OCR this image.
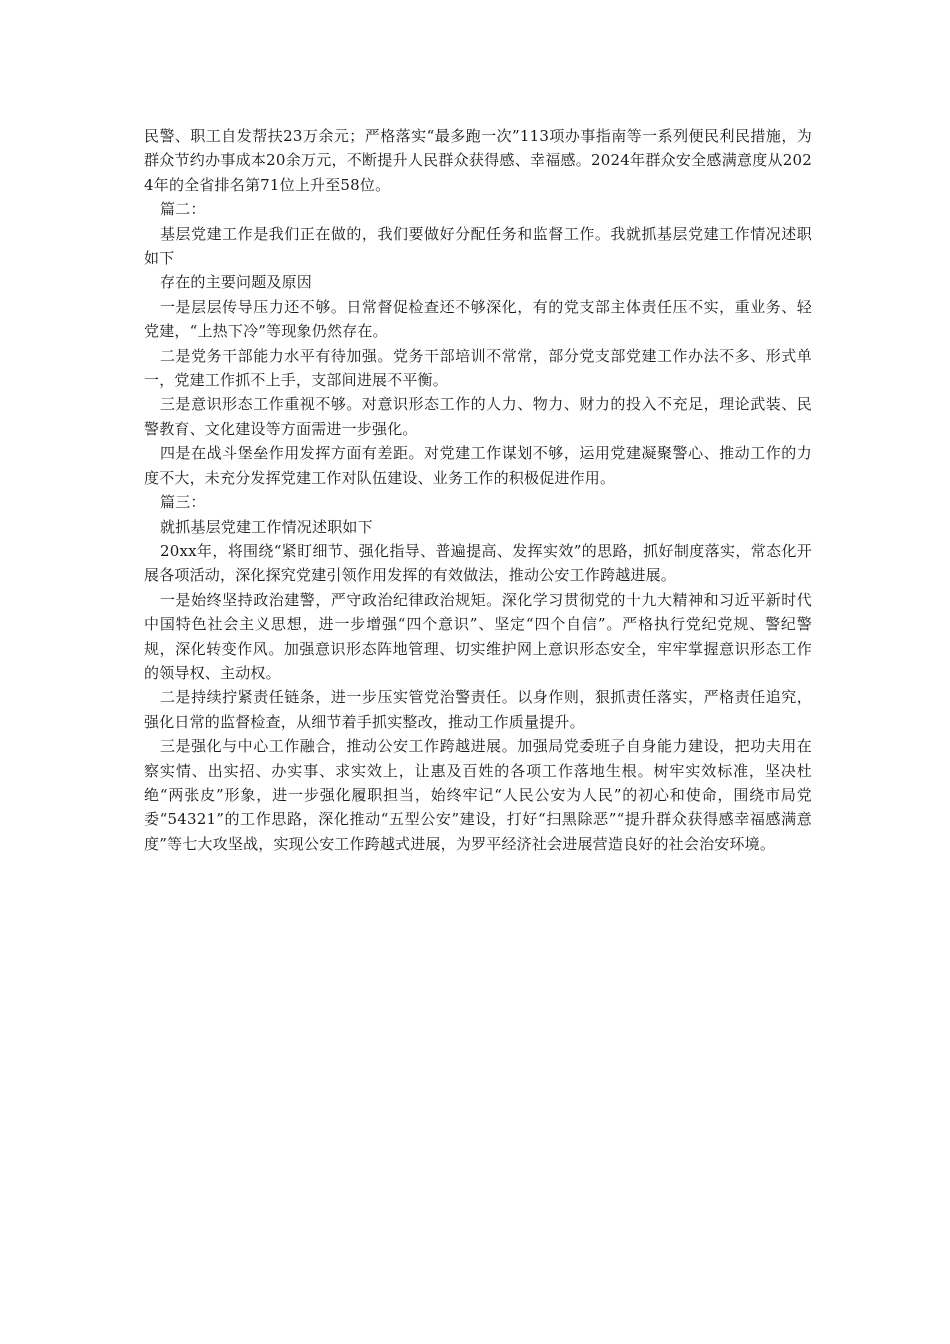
民警、职工自发帮扶23万余元；严格落实“最多跑一次”113项办事指南等一系列便民利民措施，为群众节约办事成本20余万元，不断提升人民群众获得感、幸福感。2024年群众安全感满意度从2024年的全省排名第71位上升至58位。

篇二：

基层党建工作是我们正在做的，我们要做好分配任务和监督工作。我就抓基层党建工作情况述职如下

存在的主要问题及原因

一是层层传导压力还不够。日常督促检查还不够深化，有的党支部主体责任压不实，重业务、轻党建，“上热下冷”等现象仍然存在。

二是党务干部能力水平有待加强。党务干部培训不常常，部分党支部党建工作办法不多、形式单一，党建工作抓不上手，支部间进展不平衡。

三是意识形态工作重视不够。对意识形态工作的人力、物力、财力的投入不充足，理论武装、民警教育、文化建设等方面需进一步强化。

四是在战斗堡垒作用发挥方面有差距。对党建工作谋划不够，运用党建凝聚警心、推动工作的力度不大，未充分发挥党建工作对队伍建设、业务工作的积极促进作用。

篇三：

就抓基层党建工作情况述职如下

20xx年，将围绕“紧盯细节、强化指导、普遍提高、发挥实效”的思路，抓好制度落实，常态化开展各项活动，深化探究党建引领作用发挥的有效做法，推动公安工作跨越进展。

一是始终坚持政治建警，严守政治纪律政治规矩。深化学习贯彻党的十九大精神和习近平新时代中国特色社会主义思想，进一步增强“四个意识”、坚定“四个自信”。严格执行党纪党规、警纪警规，深化转变作风。加强意识形态阵地管理、切实维护网上意识形态安全，牢牢掌握意识形态工作的领导权、主动权。

二是持续拧紧责任链条，进一步压实管党治警责任。以身作则，狠抓责任落实，严格责任追究，强化日常的监督检查，从细节着手抓实整改，推动工作质量提升。

三是强化与中心工作融合，推动公安工作跨越进展。加强局党委班子自身能力建设，把功夫用在察实情、出实招、办实事、求实效上，让惠及百姓的各项工作落地生根。树牢实效标准，坚决杜绝“两张皮”形象，进一步强化履职担当，始终牢记“人民公安为人民”的初心和使命，围绕市局党委“54321”的工作思路，深化推动“五型公安”建设，打好“扫黑除恶”“提升群众获得感幸福感满意度”等七大攻坚战，实现公安工作跨越式进展，为罗平经济社会进展营造良好的社会治安环境。
